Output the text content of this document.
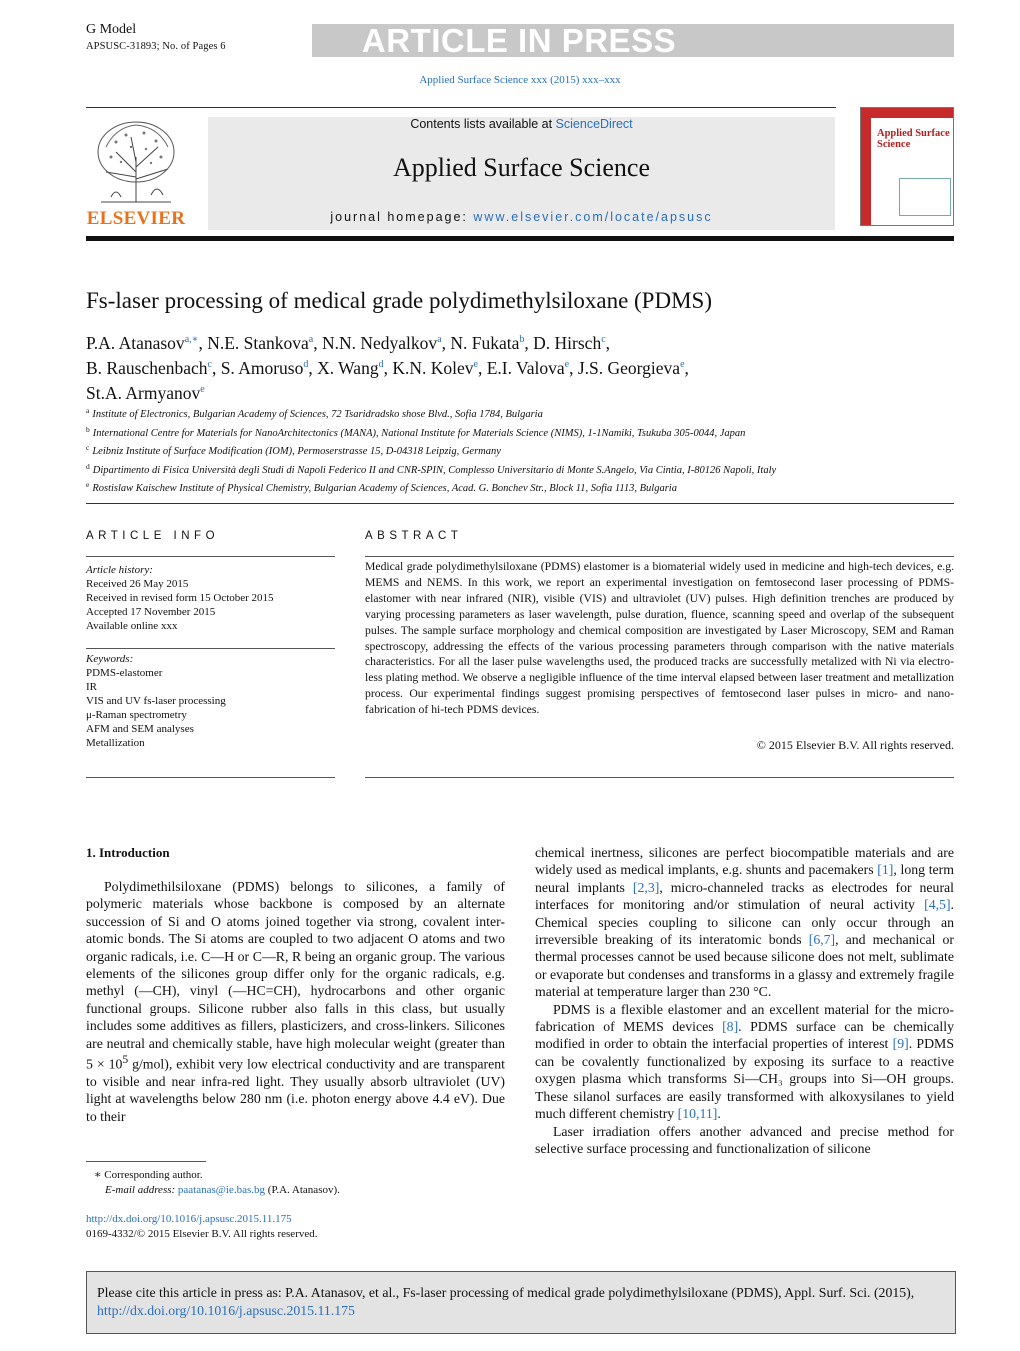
G Model
APSUSC-31893; No. of Pages 6	ARTICLE IN PRESS
Applied Surface Science xxx (2015) xxx–xxx
ELSEVIER
Contents lists available at ScienceDirect
Applied Surface Science
journal homepage: www.elsevier.com/locate/apsusc
Applied Surface Science
Fs-laser processing of medical grade polydimethylsiloxane (PDMS)
P.A. Atanasov$^{a,∗}$, N.E. Stankova$^a$, N.N. Nedyalkov$^a$, N. Fukata$^b$, D. Hirsch$^c$,
B. Rauschenbach$^c$, S. Amoruso$^d$, X. Wang$^d$, K.N. Kolev$^e$, E.I. Valova$^e$, J.S. Georgieva$^e$,
St.A. Armyanov$^e$
$^a$ Institute of Electronics, Bulgarian Academy of Sciences, 72 Tsaridradsko shose Blvd., Sofia 1784, Bulgaria
$^b$ International Centre for Materials for NanoArchitectonics (MANA), National Institute for Materials Science (NIMS), 1-1Namiki, Tsukuba 305-0044, Japan
$^c$ Leibniz Institute of Surface Modification (IOM), Permoserstrasse 15, D-04318 Leipzig, Germany
$^d$ Dipartimento di Fisica Università degli Studi di Napoli Federico II and CNR-SPIN, Complesso Universitario di Monte S.Angelo, Via Cintia, I-80126 Napoli, Italy
$^e$ Rostislaw Kaischew Institute of Physical Chemistry, Bulgarian Academy of Sciences, Acad. G. Bonchev Str., Block 11, Sofia 1113, Bulgaria
ARTICLE INFO	ABSTRACT
Article history:
Received 26 May 2015
Received in revised form 15 October 2015
Accepted 17 November 2015
Available online xxx
Keywords:
PDMS-elastomer
IR
VIS and UV fs-laser processing
μ-Raman spectrometry
AFM and SEM analyses
Metallization
Medical grade polydimethylsiloxane (PDMS) elastomer is a biomaterial widely used in medicine and high-tech devices, e.g. MEMS and NEMS. In this work, we report an experimental investigation on femtosecond laser processing of PDMS-elastomer with near infrared (NIR), visible (VIS) and ultraviolet (UV) pulses. High definition trenches are produced by varying processing parameters as laser wavelength, pulse duration, fluence, scanning speed and overlap of the subsequent pulses. The sample surface morphology and chemical composition are investigated by Laser Microscopy, SEM and Raman spectroscopy, addressing the effects of the various processing parameters through comparison with the native materials characteristics. For all the laser pulse wavelengths used, the produced tracks are successfully metalized with Ni via electro-less plating method. We observe a negligible influence of the time interval elapsed between laser treatment and metallization process. Our experimental findings suggest promising perspectives of femtosecond laser pulses in micro- and nano-fabrication of hi-tech PDMS devices.
© 2015 Elsevier B.V. All rights reserved.
1. Introduction

Polydimethilsiloxane (PDMS) belongs to silicones, a family of polymeric materials whose backbone is composed by an alternate succession of Si and O atoms joined together via strong, covalent inter-atomic bonds. The Si atoms are coupled to two adjacent O atoms and two organic radicals, i.e. C—H or C—R, R being an organic group. The various elements of the silicones group differ only for the organic radicals, e.g. methyl (—CH), vinyl (—HC=CH), hydrocarbons and other organic functional groups. Silicone rubber also falls in this class, but usually includes some additives as fillers, plasticizers, and cross-linkers. Silicones are neutral and chemically stable, have high molecular weight (greater than $5 \times 10^5$ g/mol), exhibit very low electrical conductivity and are transparent to visible and near infra-red light. They usually absorb ultraviolet (UV) light at wavelengths below 280 nm (i.e. photon energy above 4.4 eV). Due to their

chemical inertness, silicones are perfect biocompatible materials and are widely used as medical implants, e.g. shunts and pacemakers [1], long term neural implants [2,3], micro-channeled tracks as electrodes for neural interfaces for monitoring and/or stimulation of neural activity [4,5]. Chemical species coupling to silicone can only occur through an irreversible breaking of its interatomic bonds [6,7], and mechanical or thermal processes cannot be used because silicone does not melt, sublimate or evaporate but condenses and transforms in a glassy and extremely fragile material at temperature larger than 230 °C.

PDMS is a flexible elastomer and an excellent material for the micro-fabrication of MEMS devices [8]. PDMS surface can be chemically modified in order to obtain the interfacial properties of interest [9]. PDMS can be covalently functionalized by exposing its surface to a reactive oxygen plasma which transforms Si—CH₃ groups into Si—OH groups. These silanol surfaces are easily transformed with alkoxysilanes to yield much different chemistry [10,11].

Laser irradiation offers another advanced and precise method for selective surface processing and functionalization of silicone

∗ Corresponding author.
E-mail address: paatanas@ie.bas.bg (P.A. Atanasov).
http://dx.doi.org/10.1016/j.apsusc.2015.11.175
0169-4332/© 2015 Elsevier B.V. All rights reserved.
Please cite this article in press as: P.A. Atanasov, et al., Fs-laser processing of medical grade polydimethylsiloxane (PDMS), Appl. Surf. Sci. (2015), http://dx.doi.org/10.1016/j.apsusc.2015.11.175
